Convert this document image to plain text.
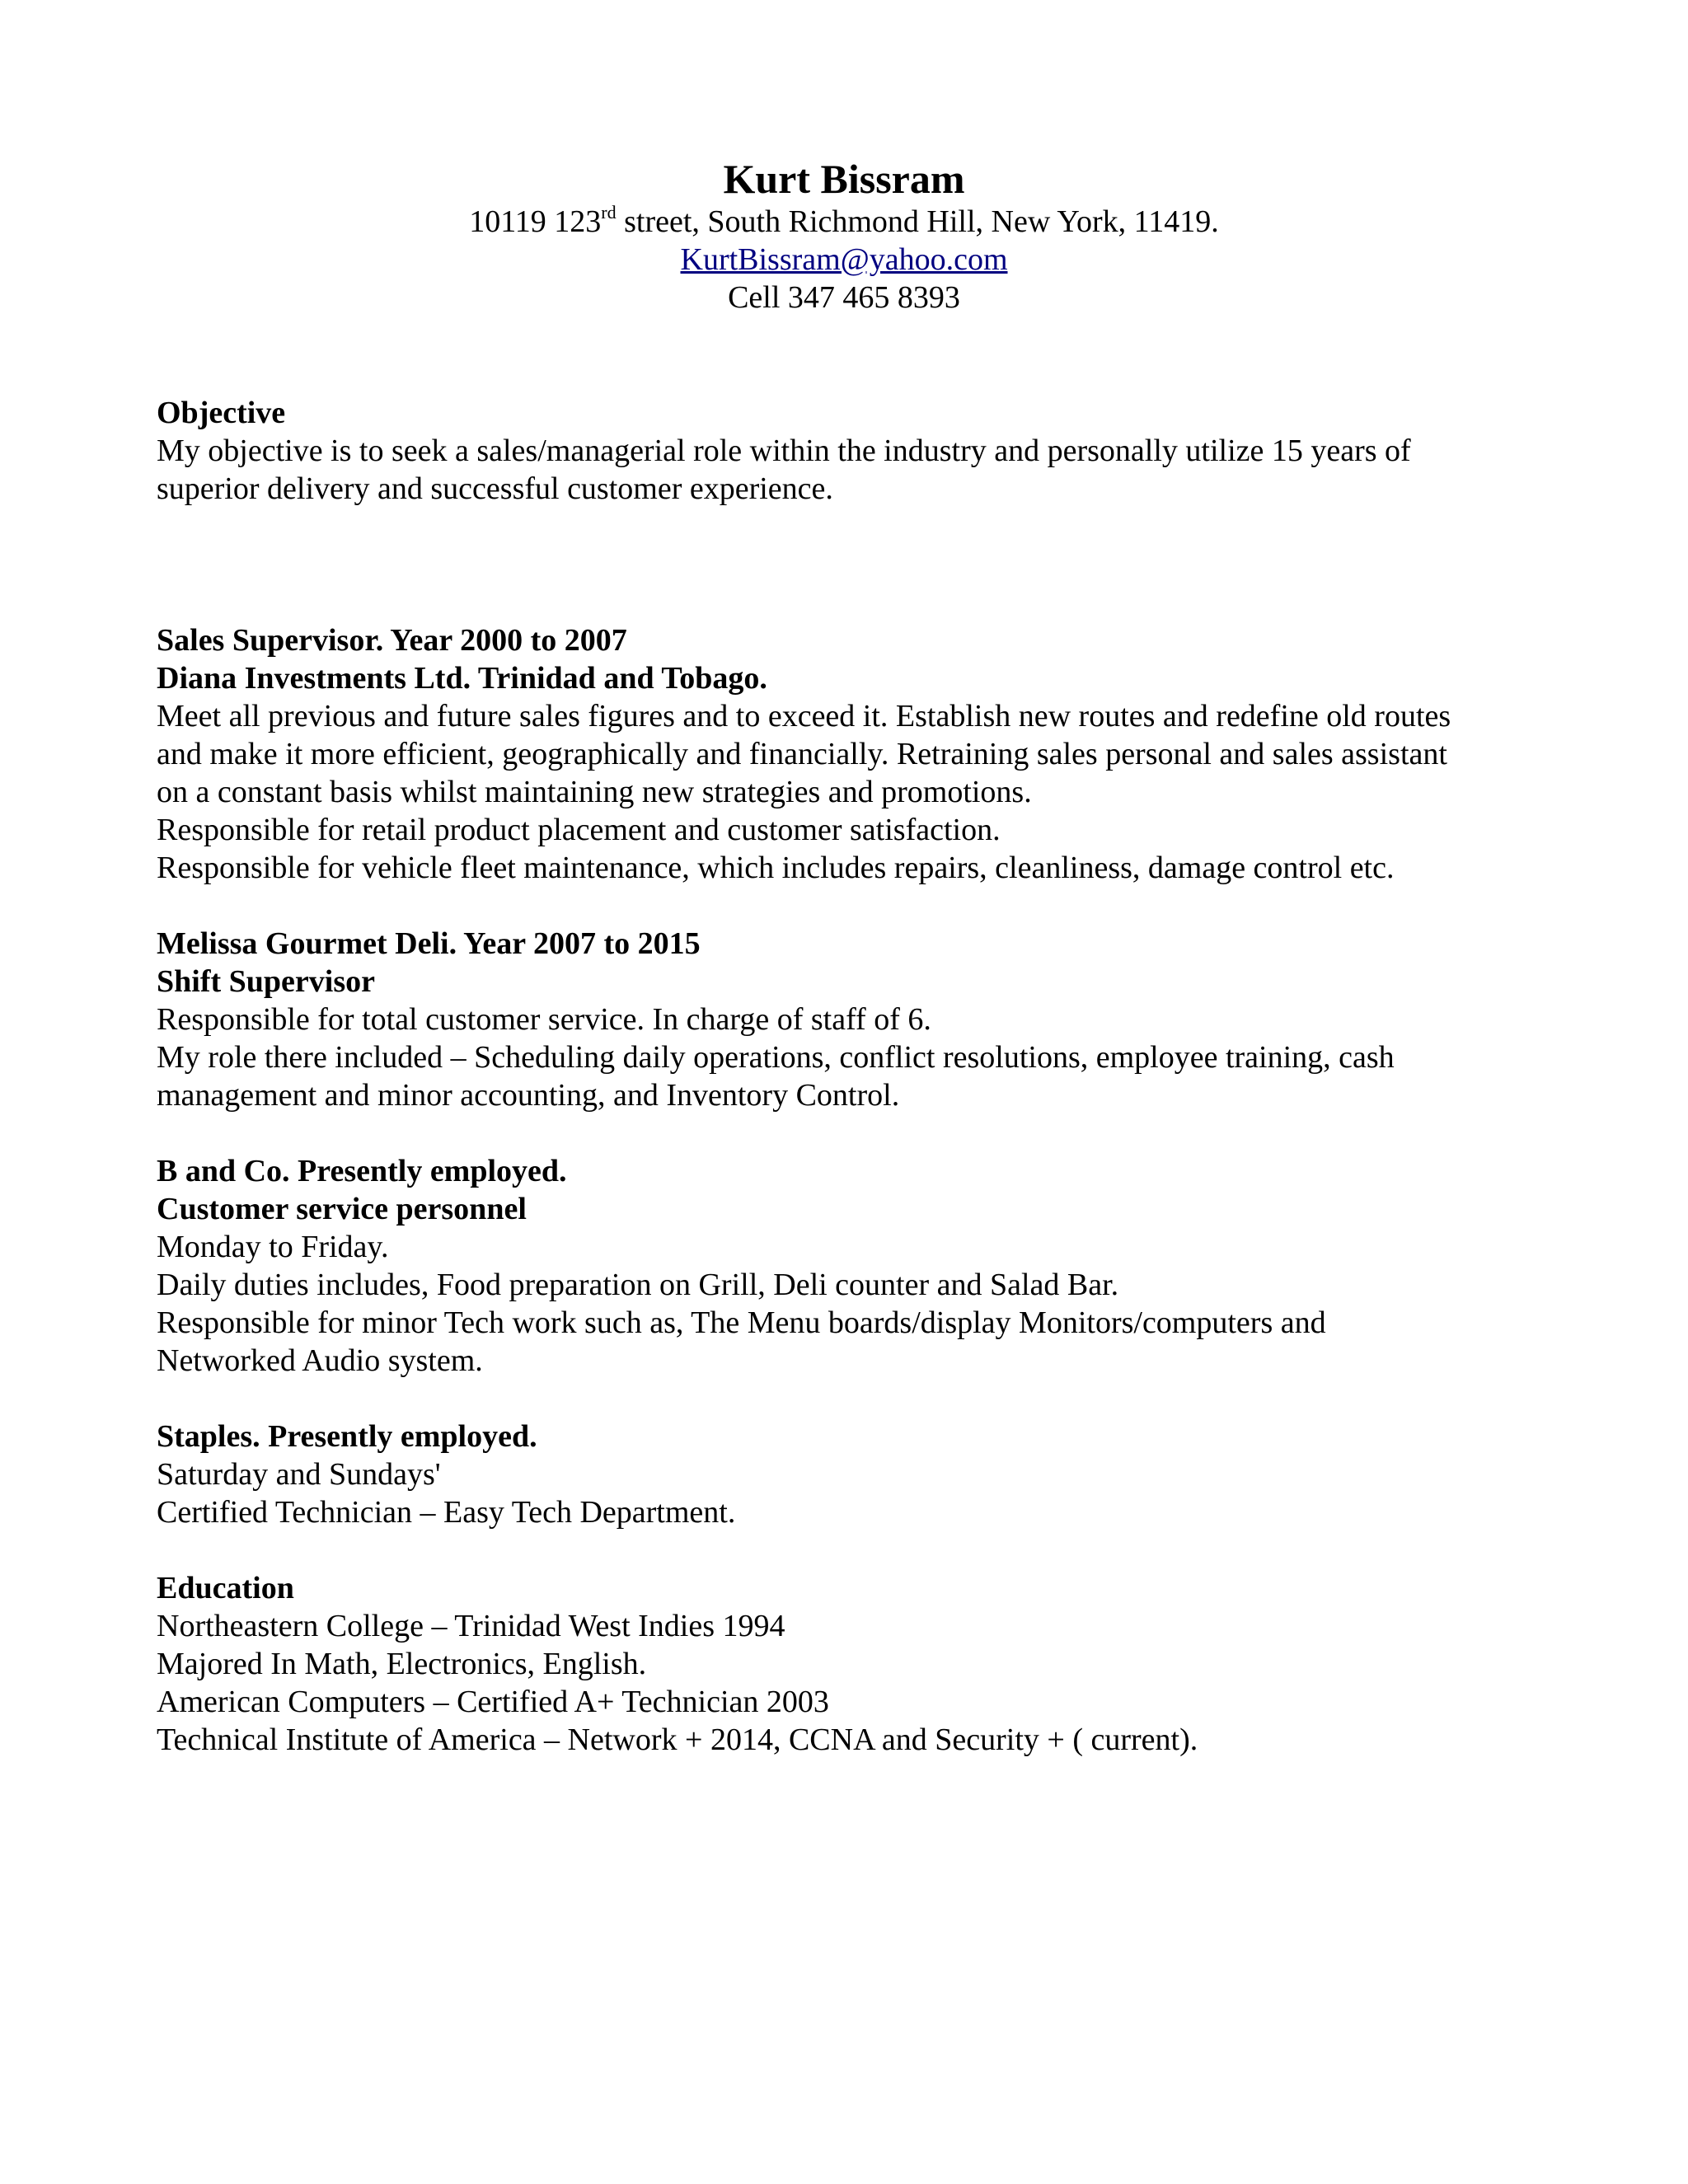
Kurt Bissram
10119 123rd street, South Richmond Hill, New York, 11419.
KurtBissram@yahoo.com
Cell 347 465 8393

Objective

My objective is to seek a sales/managerial role within the industry and personally utilize 15 years of

superior delivery and successful customer experience.

Sales Supervisor. Year 2000 to 2007

Diana Investments Ltd. Trinidad and Tobago.

Meet all previous and future sales figures and to exceed it. Establish new routes and redefine old routes

and make it more efficient, geographically and financially. Retraining sales personal and sales assistant

on a constant basis whilst maintaining new strategies and promotions.

Responsible for retail product placement and customer satisfaction.

Responsible for vehicle fleet maintenance, which includes repairs, cleanliness, damage control etc.

Melissa Gourmet Deli. Year 2007 to 2015

Shift Supervisor

Responsible for total customer service. In charge of staff of 6.

My role there included – Scheduling daily operations, conflict resolutions, employee training, cash

management and minor accounting, and Inventory Control.

B and Co. Presently employed.

Customer service personnel

Monday to Friday.

Daily duties includes, Food preparation on Grill, Deli counter and Salad Bar.

Responsible for minor Tech work such as, The Menu boards/display Monitors/computers and

Networked Audio system.

Staples. Presently employed.

Saturday and Sundays'

Certified Technician – Easy Tech Department.

Education

Northeastern College – Trinidad West Indies 1994

Majored In Math, Electronics, English.

American Computers – Certified A+ Technician 2003

Technical Institute of America – Network + 2014, CCNA and Security + ( current).
